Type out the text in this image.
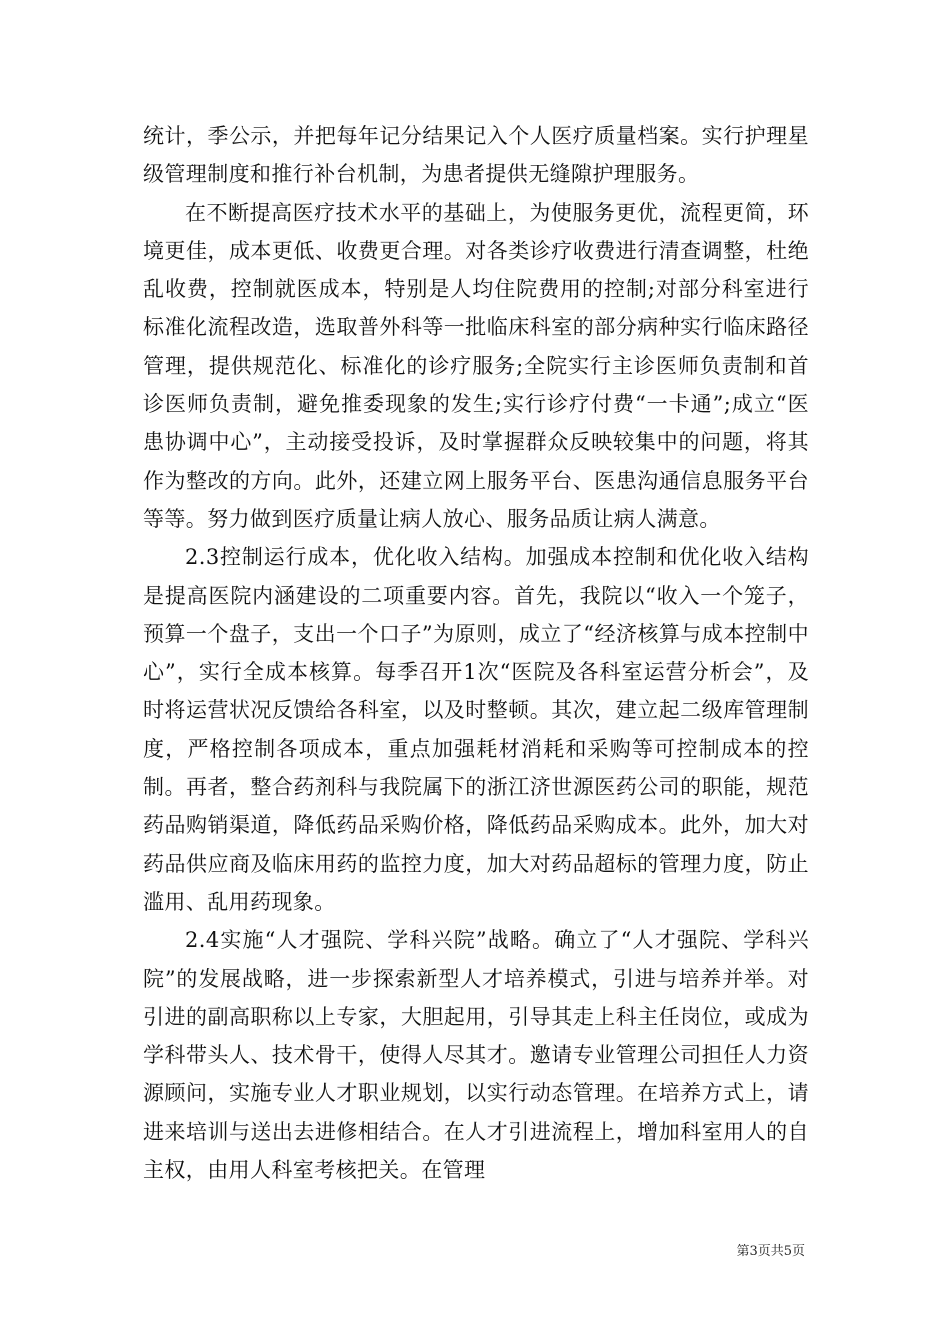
统计，季公示，并把每年记分结果记入个人医疗质量档案。实行护理星级管理制度和推行补台机制，为患者提供无缝隙护理服务。

在不断提高医疗技术水平的基础上，为使服务更优，流程更简，环境更佳，成本更低、收费更合理。对各类诊疗收费进行清查调整，杜绝乱收费，控制就医成本，特别是人均住院费用的控制;对部分科室进行标准化流程改造，选取普外科等一批临床科室的部分病种实行临床路径管理，提供规范化、标准化的诊疗服务;全院实行主诊医师负责制和首诊医师负责制，避免推委现象的发生;实行诊疗付费“一卡通”;成立“医患协调中心”，主动接受投诉，及时掌握群众反映较集中的问题，将其作为整改的方向。此外，还建立网上服务平台、医患沟通信息服务平台等等。努力做到医疗质量让病人放心、服务品质让病人满意。

2.3控制运行成本，优化收入结构。加强成本控制和优化收入结构是提高医院内涵建设的二项重要内容。首先，我院以“收入一个笼子，预算一个盘子，支出一个口子”为原则，成立了“经济核算与成本控制中心”，实行全成本核算。每季召开1次“医院及各科室运营分析会”，及时将运营状况反馈给各科室，以及时整顿。其次，建立起二级库管理制度，严格控制各项成本，重点加强耗材消耗和采购等可控制成本的控制。再者，整合药剂科与我院属下的浙江济世源医药公司的职能，规范药品购销渠道，降低药品采购价格，降低药品采购成本。此外，加大对药品供应商及临床用药的监控力度，加大对药品超标的管理力度，防止滥用、乱用药现象。

2.4实施“人才强院、学科兴院”战略。确立了“人才强院、学科兴院”的发展战略，进一步探索新型人才培养模式，引进与培养并举。对引进的副高职称以上专家，大胆起用，引导其走上科主任岗位，或成为学科带头人、技术骨干，使得人尽其才。邀请专业管理公司担任人力资源顾问，实施专业人才职业规划，以实行动态管理。在培养方式上，请进来培训与送出去进修相结合。在人才引进流程上，增加科室用人的自主权，由用人科室考核把关。在管理

第3页共5页
